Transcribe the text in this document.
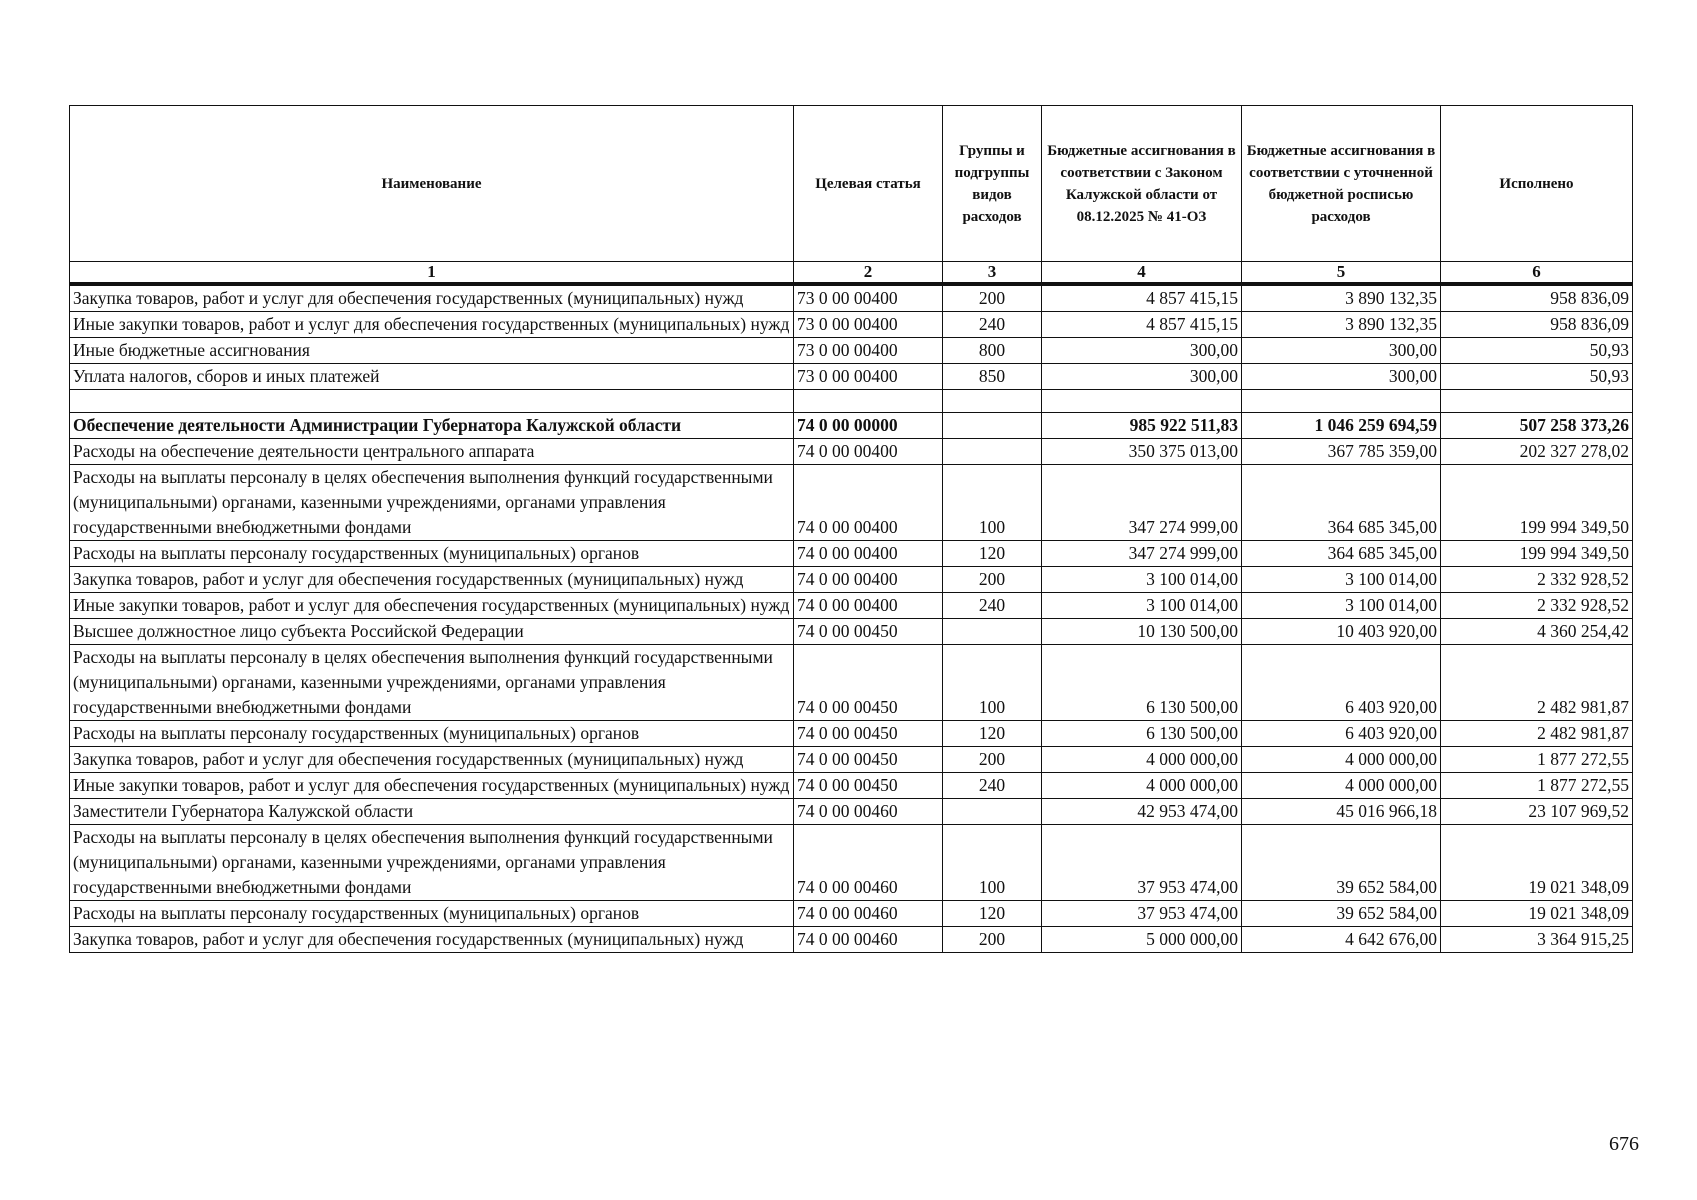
Наименование	Целевая статья	Группы и подгруппы видов расходов	Бюджетные ассигнования в соответствии с Законом Калужской области от 08.12.2025 № 41-ОЗ	Бюджетные ассигнования в соответствии с уточненной бюджетной росписью расходов	Исполнено
1	2	3	4	5	6
Закупка товаров, работ и услуг для обеспечения государственных (муниципальных) нужд	73 0 00 00400	200	4 857 415,15	3 890 132,35	958 836,09
Иные закупки товаров, работ и услуг для обеспечения государственных (муниципальных) нужд	73 0 00 00400	240	4 857 415,15	3 890 132,35	958 836,09
Иные бюджетные ассигнования	73 0 00 00400	800	300,00	300,00	50,93
Уплата налогов, сборов и иных платежей	73 0 00 00400	850	300,00	300,00	50,93

Обеспечение деятельности Администрации Губернатора Калужской области	74 0 00 00000		985 922 511,83	1 046 259 694,59	507 258 373,26
Расходы на обеспечение деятельности центрального аппарата	74 0 00 00400		350 375 013,00	367 785 359,00	202 327 278,02
Расходы на выплаты персоналу в целях обеспечения выполнения функций государственными (муниципальными) органами, казенными учреждениями, органами управления государственными внебюджетными фондами	74 0 00 00400	100	347 274 999,00	364 685 345,00	199 994 349,50
Расходы на выплаты персоналу государственных (муниципальных) органов	74 0 00 00400	120	347 274 999,00	364 685 345,00	199 994 349,50
Закупка товаров, работ и услуг для обеспечения государственных (муниципальных) нужд	74 0 00 00400	200	3 100 014,00	3 100 014,00	2 332 928,52
Иные закупки товаров, работ и услуг для обеспечения государственных (муниципальных) нужд	74 0 00 00400	240	3 100 014,00	3 100 014,00	2 332 928,52
Высшее должностное лицо субъекта Российской Федерации	74 0 00 00450		10 130 500,00	10 403 920,00	4 360 254,42
Расходы на выплаты персоналу в целях обеспечения выполнения функций государственными (муниципальными) органами, казенными учреждениями, органами управления государственными внебюджетными фондами	74 0 00 00450	100	6 130 500,00	6 403 920,00	2 482 981,87
Расходы на выплаты персоналу государственных (муниципальных) органов	74 0 00 00450	120	6 130 500,00	6 403 920,00	2 482 981,87
Закупка товаров, работ и услуг для обеспечения государственных (муниципальных) нужд	74 0 00 00450	200	4 000 000,00	4 000 000,00	1 877 272,55
Иные закупки товаров, работ и услуг для обеспечения государственных (муниципальных) нужд	74 0 00 00450	240	4 000 000,00	4 000 000,00	1 877 272,55
Заместители Губернатора Калужской области	74 0 00 00460		42 953 474,00	45 016 966,18	23 107 969,52
Расходы на выплаты персоналу в целях обеспечения выполнения функций государственными (муниципальными) органами, казенными учреждениями, органами управления государственными внебюджетными фондами	74 0 00 00460	100	37 953 474,00	39 652 584,00	19 021 348,09
Расходы на выплаты персоналу государственных (муниципальных) органов	74 0 00 00460	120	37 953 474,00	39 652 584,00	19 021 348,09
Закупка товаров, работ и услуг для обеспечения государственных (муниципальных) нужд	74 0 00 00460	200	5 000 000,00	4 642 676,00	3 364 915,25
676
